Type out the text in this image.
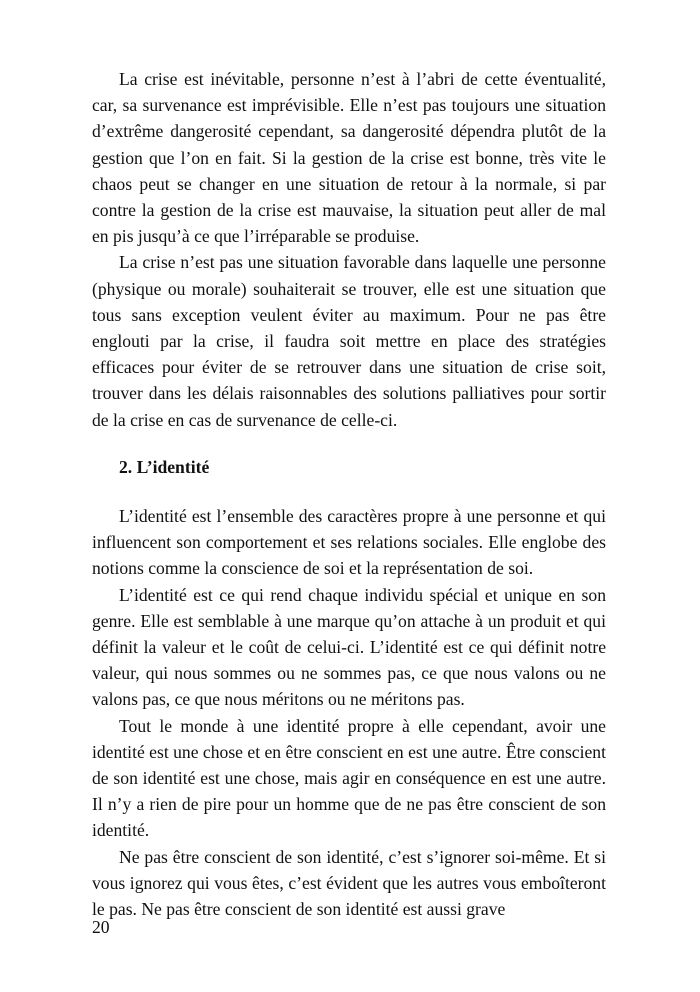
La crise est inévitable, personne n’est à l’abri de cette éventualité, car, sa survenance est imprévisible. Elle n’est pas toujours une situation d’extrême dangerosité cependant, sa dangerosité dépendra plutôt de la gestion que l’on en fait. Si la gestion de la crise est bonne, très vite le chaos peut se changer en une situation de retour à la normale, si par contre la gestion de la crise est mauvaise, la situation peut aller de mal en pis jusqu’à ce que l’irréparable se produise.

La crise n’est pas une situation favorable dans laquelle une personne (physique ou morale) souhaiterait se trouver, elle est une situation que tous sans exception veulent éviter au maximum. Pour ne pas être englouti par la crise, il faudra soit mettre en place des stratégies efficaces pour éviter de se retrouver dans une situation de crise soit, trouver dans les délais raisonnables des solutions palliatives pour sortir de la crise en cas de survenance de celle-ci.

2. L’identité

L’identité est l’ensemble des caractères propre à une personne et qui influencent son comportement et ses relations sociales. Elle englobe des notions comme la conscience de soi et la représentation de soi.

L’identité est ce qui rend chaque individu spécial et unique en son genre. Elle est semblable à une marque qu’on attache à un produit et qui définit la valeur et le coût de celui-ci. L’identité est ce qui définit notre valeur, qui nous sommes ou ne sommes pas, ce que nous valons ou ne valons pas, ce que nous méritons ou ne méritons pas.

Tout le monde à une identité propre à elle cependant, avoir une identité est une chose et en être conscient en est une autre. Être conscient de son identité est une chose, mais agir en conséquence en est une autre. Il n’y a rien de pire pour un homme que de ne pas être conscient de son identité.

Ne pas être conscient de son identité, c’est s’ignorer soi-même. Et si vous ignorez qui vous êtes, c’est évident que les autres vous emboîteront le pas. Ne pas être conscient de son identité est aussi grave

20
